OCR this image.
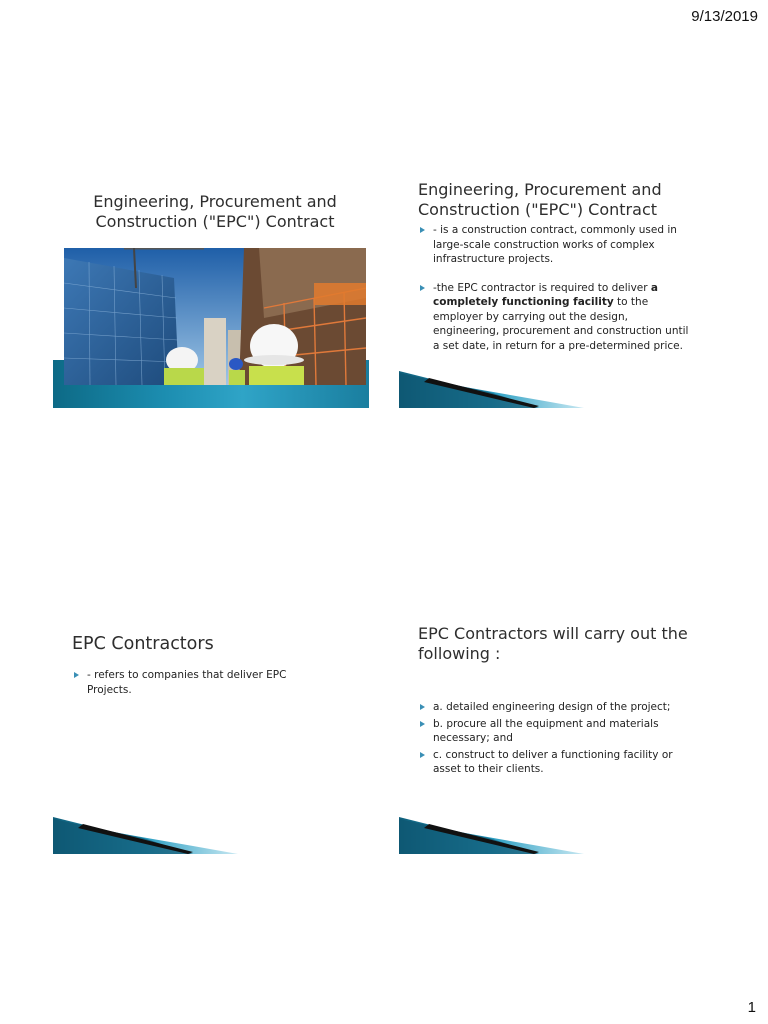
9/13/2019
Engineering, Procurement and Construction ("EPC") Contract
Engineering, Procurement and Construction ("EPC") Contract
- is a construction contract, commonly used in large-scale construction works of complex infrastructure projects.
-the EPC contractor is required to deliver a completely functioning facility to the employer by carrying out the design, engineering, procurement and construction until a set date, in return for a pre-determined price.
EPC Contractors
- refers to companies that deliver EPC Projects.
EPC Contractors will carry out the following :
a. detailed engineering design of the project;
b. procure all the equipment and materials necessary; and
c. construct to deliver a functioning facility or asset to their clients.
1
